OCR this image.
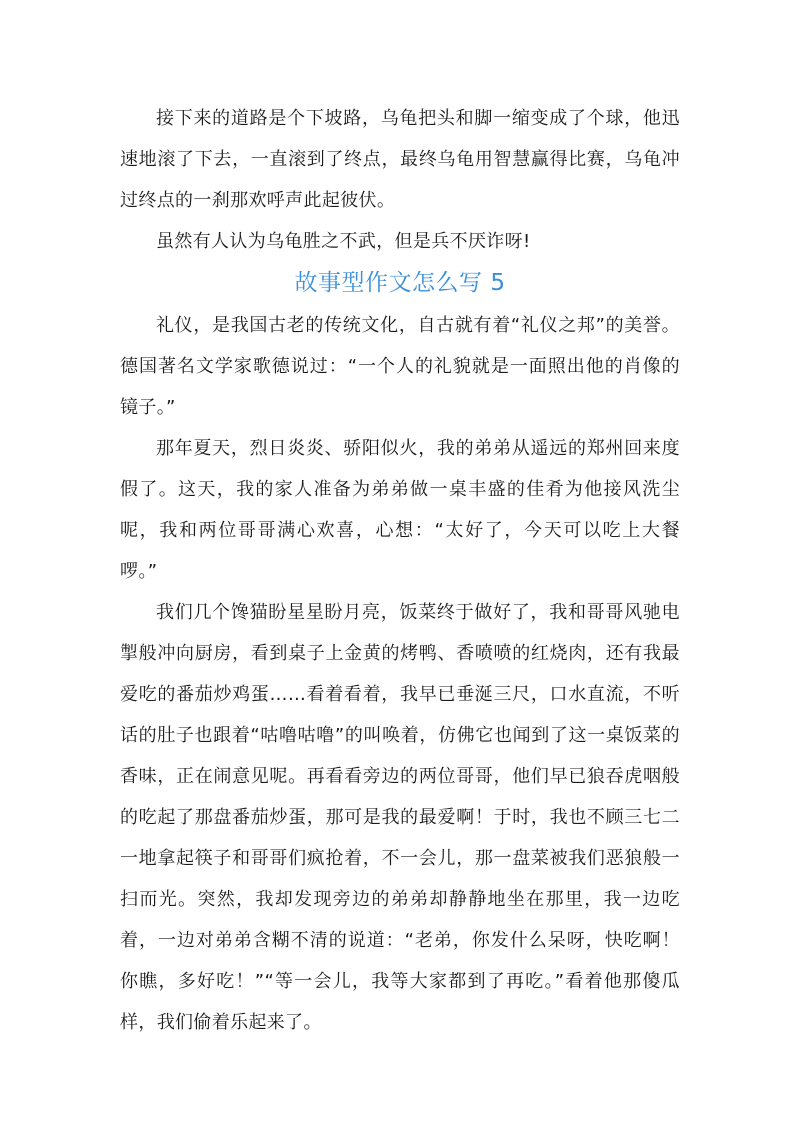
接下来的道路是个下坡路，乌龟把头和脚一缩变成了个球，他迅速地滚了下去，一直滚到了终点，最终乌龟用智慧赢得比赛，乌龟冲过终点的一刹那欢呼声此起彼伏。

虽然有人认为乌龟胜之不武，但是兵不厌诈呀!

故事型作文怎么写 5

礼仪，是我国古老的传统文化，自古就有着“礼仪之邦”的美誉。德国著名文学家歌德说过：“一个人的礼貌就是一面照出他的肖像的镜子。”

那年夏天，烈日炎炎、骄阳似火，我的弟弟从遥远的郑州回来度假了。这天，我的家人准备为弟弟做一桌丰盛的佳肴为他接风洗尘呢，我和两位哥哥满心欢喜，心想：“太好了，今天可以吃上大餐啰。”

我们几个馋猫盼星星盼月亮，饭菜终于做好了，我和哥哥风驰电掣般冲向厨房，看到桌子上金黄的烤鸭、香喷喷的红烧肉，还有我最爱吃的番茄炒鸡蛋……看着看着，我早已垂涎三尺，口水直流，不听话的肚子也跟着“咕噜咕噜”的叫唤着，仿佛它也闻到了这一桌饭菜的香味，正在闹意见呢。再看看旁边的两位哥哥，他们早已狼吞虎咽般的吃起了那盘番茄炒蛋，那可是我的最爱啊！于时，我也不顾三七二一地拿起筷子和哥哥们疯抢着，不一会儿，那一盘菜被我们恶狼般一扫而光。突然，我却发现旁边的弟弟却静静地坐在那里，我一边吃着，一边对弟弟含糊不清的说道：“老弟，你发什么呆呀，快吃啊！你瞧，多好吃！”“等一会儿，我等大家都到了再吃。”看着他那傻瓜样，我们偷着乐起来了。
